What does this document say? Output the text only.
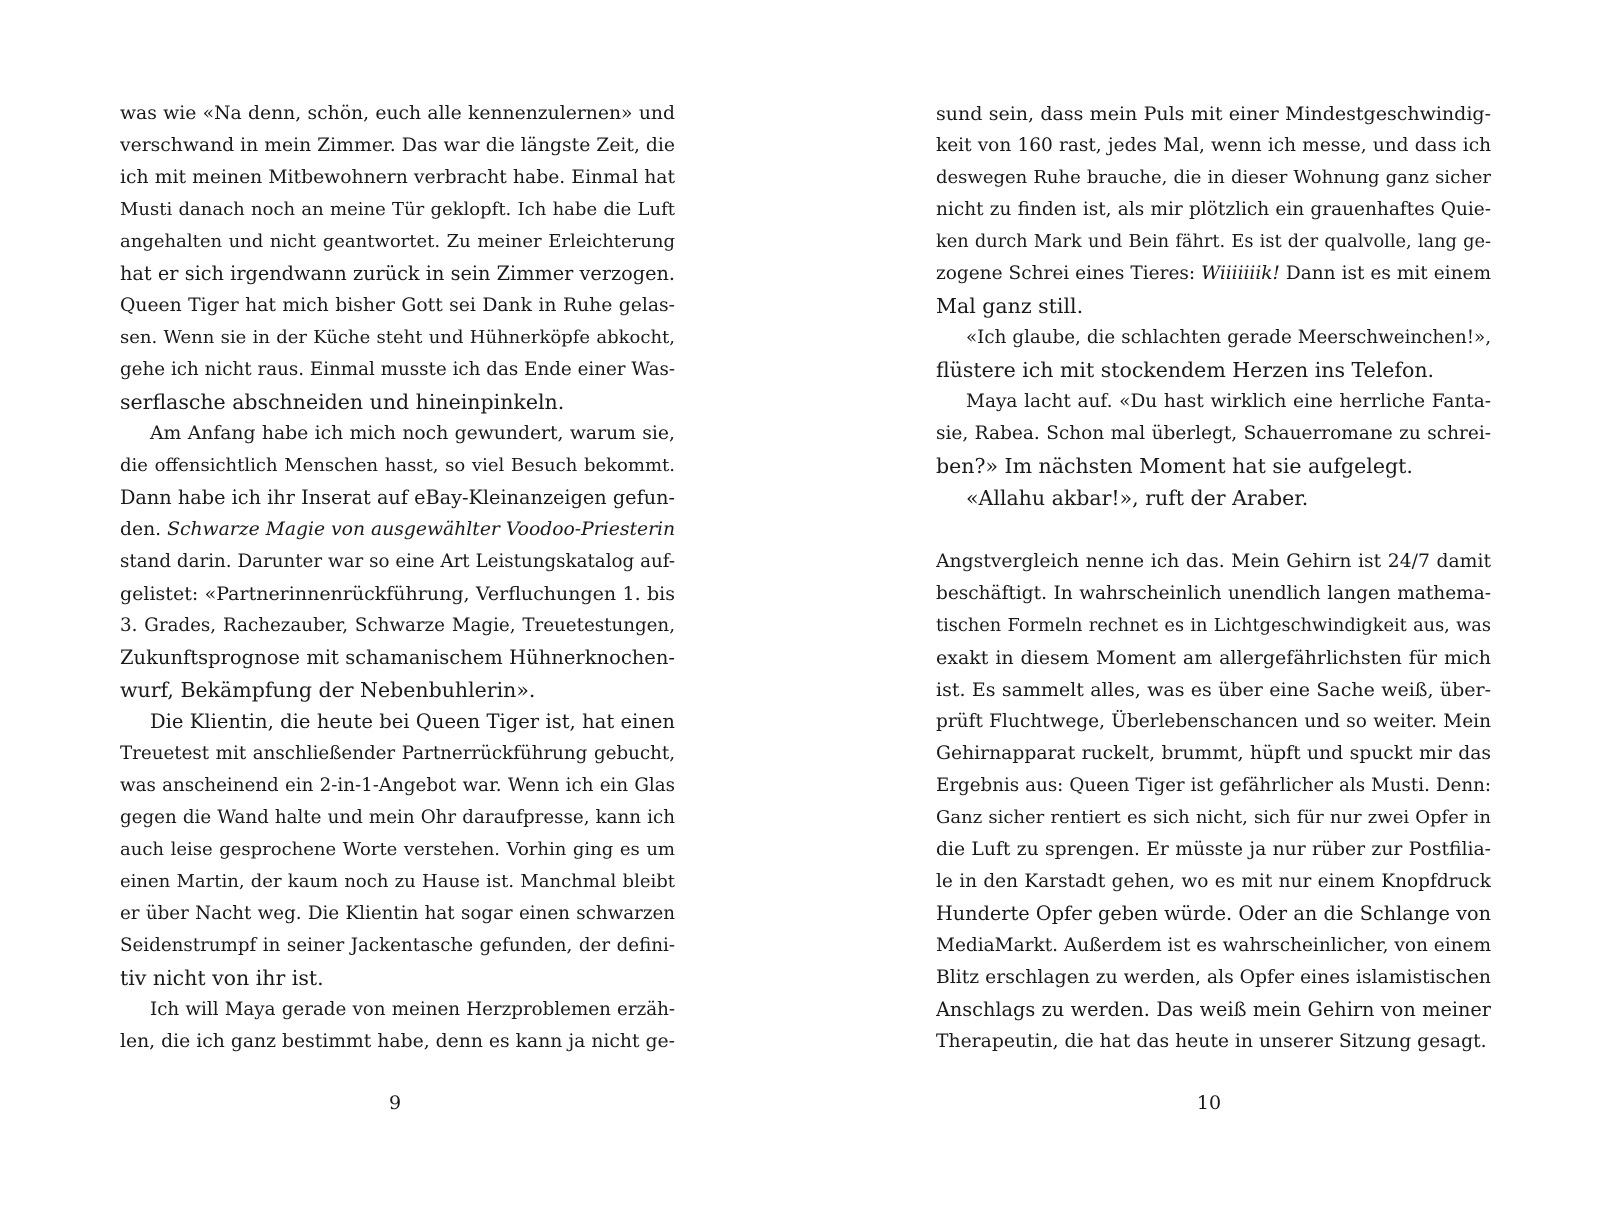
was wie «Na denn, schön, euch alle kennenzulernen» und
verschwand in mein Zimmer. Das war die längste Zeit, die
ich mit meinen Mitbewohnern verbracht habe. Einmal hat
Musti danach noch an meine Tür geklopft. Ich habe die Luft
angehalten und nicht geantwortet. Zu meiner Erleichterung
hat er sich irgendwann zurück in sein Zimmer verzogen.
Queen Tiger hat mich bisher Gott sei Dank in Ruhe gelas-
sen. Wenn sie in der Küche steht und Hühnerköpfe abkocht,
gehe ich nicht raus. Einmal musste ich das Ende einer Was-
serflasche abschneiden und hineinpinkeln.
Am Anfang habe ich mich noch gewundert, warum sie,
die offensichtlich Menschen hasst, so viel Besuch bekommt.
Dann habe ich ihr Inserat auf eBay-Kleinanzeigen gefun-
den. Schwarze Magie von ausgewählter Voodoo-Priesterin
stand darin. Darunter war so eine Art Leistungskatalog auf-
gelistet: «Partnerinnenrückführung, Verfluchungen 1. bis
3. Grades, Rachezauber, Schwarze Magie, Treuetestungen,
Zukunftsprognose mit schamanischem Hühnerknochen-
wurf, Bekämpfung der Nebenbuhlerin».
Die Klientin, die heute bei Queen Tiger ist, hat einen
Treuetest mit anschließender Partnerrückführung gebucht,
was anscheinend ein 2-in-1-Angebot war. Wenn ich ein Glas
gegen die Wand halte und mein Ohr daraufpresse, kann ich
auch leise gesprochene Worte verstehen. Vorhin ging es um
einen Martin, der kaum noch zu Hause ist. Manchmal bleibt
er über Nacht weg. Die Klientin hat sogar einen schwarzen
Seidenstrumpf in seiner Jackentasche gefunden, der defini-
tiv nicht von ihr ist.
Ich will Maya gerade von meinen Herzproblemen erzäh-
len, die ich ganz bestimmt habe, denn es kann ja nicht ge-
sund sein, dass mein Puls mit einer Mindestgeschwindig-
keit von 160 rast, jedes Mal, wenn ich messe, und dass ich
deswegen Ruhe brauche, die in dieser Wohnung ganz sicher
nicht zu finden ist, als mir plötzlich ein grauenhaftes Quie-
ken durch Mark und Bein fährt. Es ist der qualvolle, lang ge-
zogene Schrei eines Tieres: Wiiiiiiik! Dann ist es mit einem
Mal ganz still.
«Ich glaube, die schlachten gerade Meerschweinchen!»,
flüstere ich mit stockendem Herzen ins Telefon.
Maya lacht auf. «Du hast wirklich eine herrliche Fanta-
sie, Rabea. Schon mal überlegt, Schauerromane zu schrei-
ben?» Im nächsten Moment hat sie aufgelegt.
«Allahu akbar!», ruft der Araber.
Angstvergleich nenne ich das. Mein Gehirn ist 24/7 damit
beschäftigt. In wahrscheinlich unendlich langen mathema-
tischen Formeln rechnet es in Lichtgeschwindigkeit aus, was
exakt in diesem Moment am allergefährlichsten für mich
ist. Es sammelt alles, was es über eine Sache weiß, über-
prüft Fluchtwege, Überlebenschancen und so weiter. Mein
Gehirnapparat ruckelt, brummt, hüpft und spuckt mir das
Ergebnis aus: Queen Tiger ist gefährlicher als Musti. Denn:
Ganz sicher rentiert es sich nicht, sich für nur zwei Opfer in
die Luft zu sprengen. Er müsste ja nur rüber zur Postfilia-
le in den Karstadt gehen, wo es mit nur einem Knopfdruck
Hunderte Opfer geben würde. Oder an die Schlange von
MediaMarkt. Außerdem ist es wahrscheinlicher, von einem
Blitz erschlagen zu werden, als Opfer eines islamistischen
Anschlags zu werden. Das weiß mein Gehirn von meiner
Therapeutin, die hat das heute in unserer Sitzung gesagt.
9	10
